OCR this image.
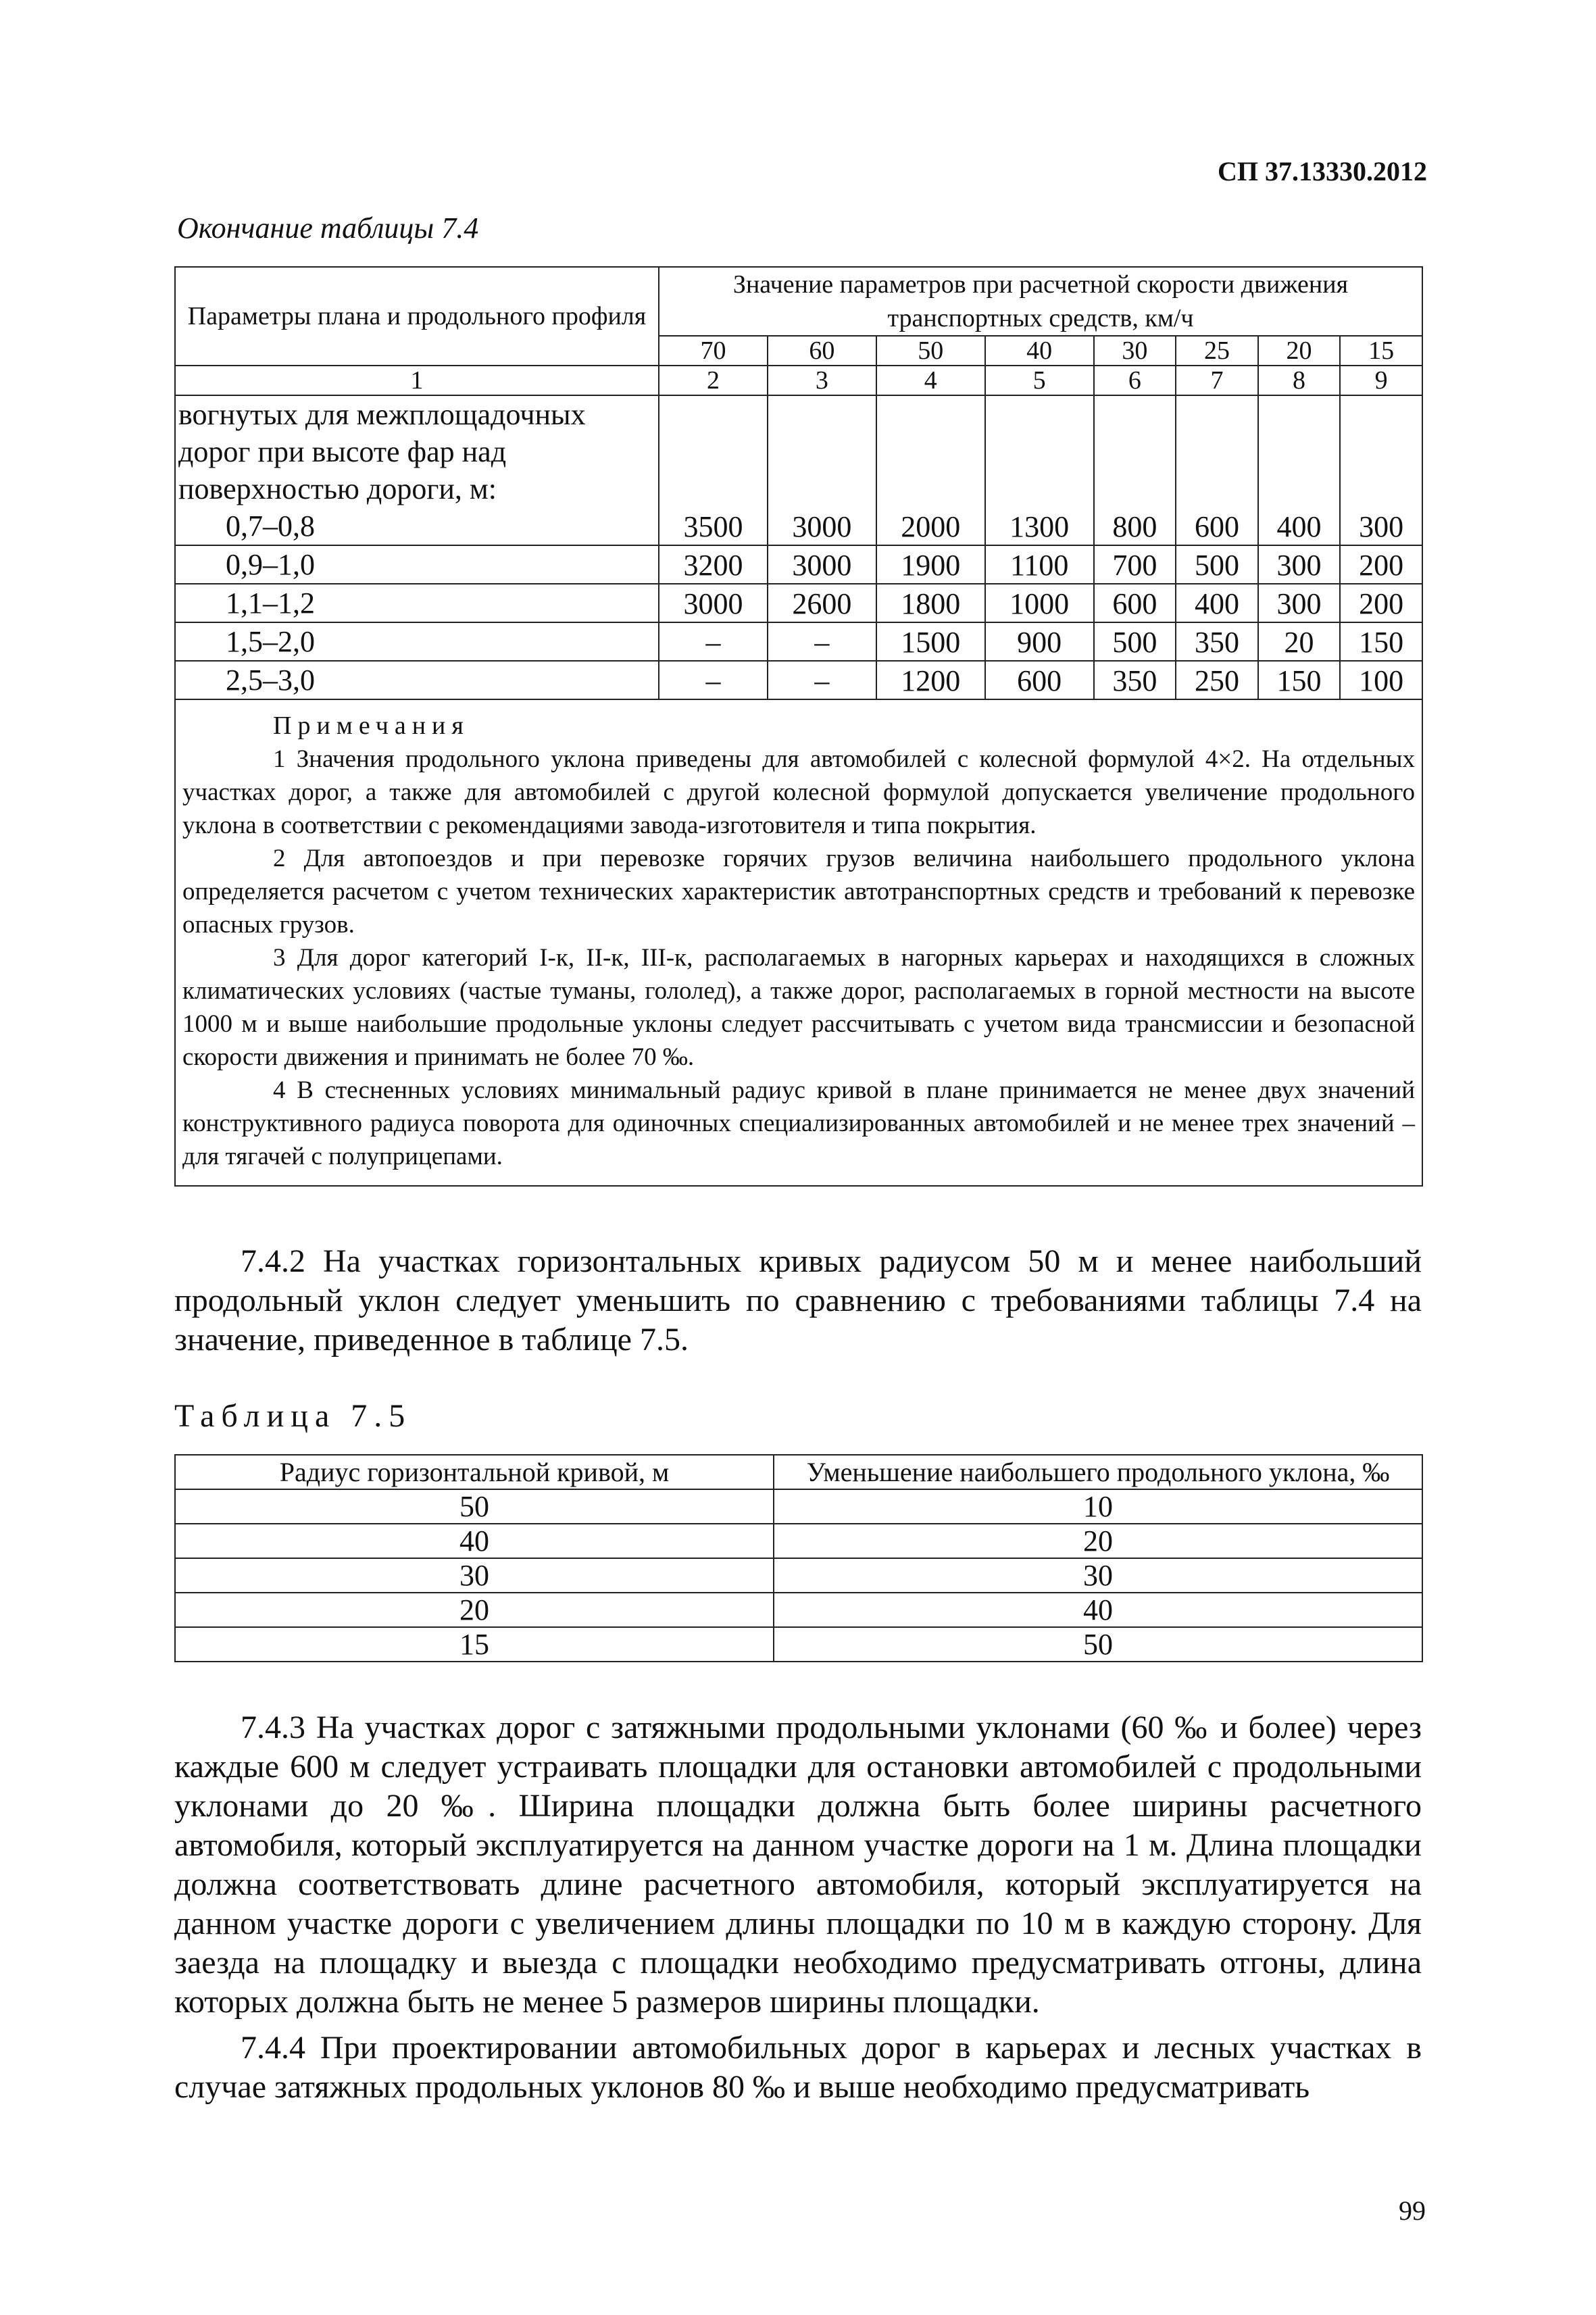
СП 37.13330.2012
Окончание таблицы 7.4
Параметры плана и продольного профиля	Значение параметров при расчетной скорости движения транспортных средств, км/ч							
	70	60	50	40	30	25	20	15
1	2	3	4	5	6	7	8	9

вогнутых для межплощадочных дорог при высоте фар над поверхностью дороги, м:
0,7–0,8	3500	3000	2000	1300	800	600	400	300
0,9–1,0	3200	3000	1900	1100	700	500	300	200
1,1–1,2	3000	2600	1800	1000	600	400	300	200
1,5–2,0	–	–	1500	900	500	350	20	150
2,5–3,0	–	–	1200	600	350	250	150	100

Примечания

1 Значения продольного уклона приведены для автомобилей с колесной формулой 4×2. На отдельных участках дорог, а также для автомобилей с другой колесной формулой допускается увеличение продольного уклона в соответствии с рекомендациями завода-изготовителя и типа покрытия.

2 Для автопоездов и при перевозке горячих грузов величина наибольшего продольного уклона определяется расчетом с учетом технических характеристик автотранспортных средств и требований к перевозке опасных грузов.

3 Для дорог категорий I-к, II-к, III-к, располагаемых в нагорных карьерах и находящихся в сложных климатических условиях (частые туманы, гололед), а также дорог, располагаемых в горной местности на высоте 1000 м и выше наибольшие продольные уклоны следует рассчитывать с учетом вида трансмиссии и безопасной скорости движения и принимать не более 70 ‰.

4 В стесненных условиях минимальный радиус кривой в плане принимается не менее двух значений конструктивного радиуса поворота для одиночных специализированных автомобилей и не менее трех значений – для тягачей с полуприцепами.								

7.4.2 На участках горизонтальных кривых радиусом 50 м и менее наибольший продольный уклон следует уменьшить по сравнению с требованиями таблицы 7.4 на значение, приведенное в таблице 7.5.

Таблица 7.5
Радиус горизонтальной кривой, м	Уменьшение наибольшего продольного уклона, ‰
50	10
40	20
30	30
20	40
15	50

7.4.3 На участках дорог с затяжными продольными уклонами (60 ‰ и более) через каждые 600 м следует устраивать площадки для остановки автомобилей с продольными уклонами до 20 ‰. Ширина площадки должна быть более ширины расчетного автомобиля, который эксплуатируется на данном участке дороги на 1 м. Длина площадки должна соответствовать длине расчетного автомобиля, который эксплуатируется на данном участке дороги с увеличением длины площадки по 10 м в каждую сторону. Для заезда на площадку и выезда с площадки необходимо предусматривать отгоны, длина которых должна быть не менее 5 размеров ширины площадки.

7.4.4 При проектировании автомобильных дорог в карьерах и лесных участках в случае затяжных продольных уклонов 80 ‰ и выше необходимо предусматривать

99
